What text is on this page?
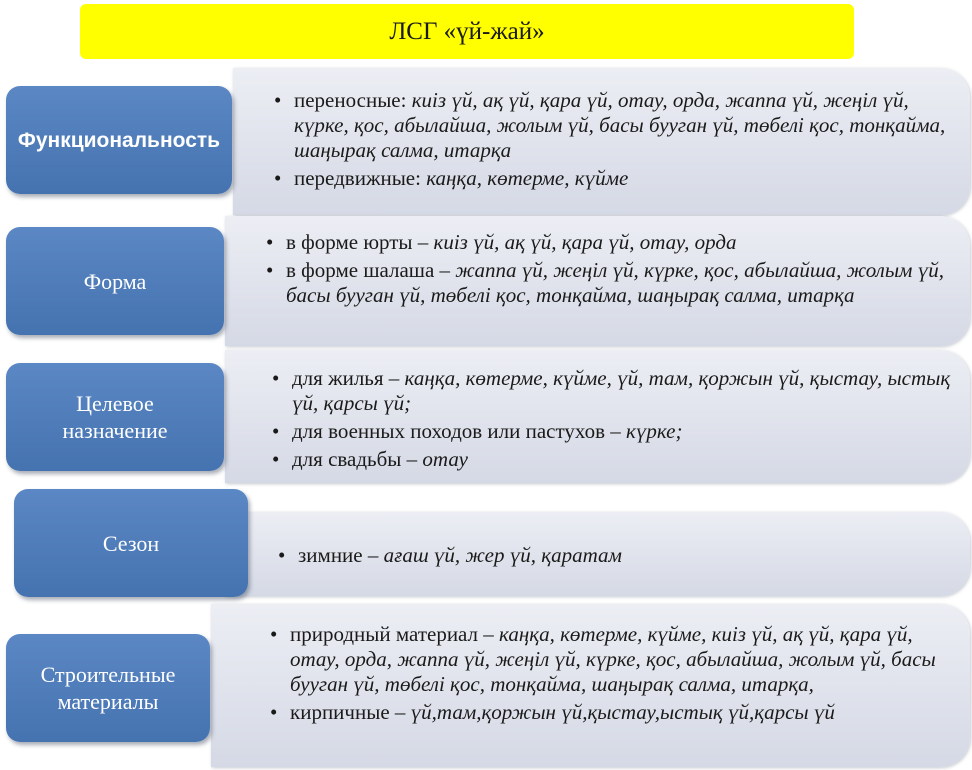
ЛСГ «үй-жай»
Функциональность
• переносные: киіз үй, ақ үй, қара үй, отау, орда, жаппа үй, жеңіл үй, күрке, қос, абылайша, жолым үй, басы бууган үй, төбелі қос, тонқайма, шаңырақ салма, итарқа
• передвижные: каңқа, көтерме, күйме
Форма
• в форме юрты – киіз үй, ақ үй, қара үй, отау, орда
• в форме шалаша – жаппа үй, жеңіл үй, күрке, қос, абылайша, жолым үй, басы бууган үй, төбелі қос, тонқайма, шаңырақ салма, итарқа
Целевое назначение
• для жилья – каңқа, көтерме, күйме, үй, там, қоржын үй, қыстау, ыстық үй, қарсы үй;
• для военных походов или пастухов – күрке;
• для свадьбы – отау
Сезон
•	зимние – ағаш үй, жер үй, қаратам
Строительные материалы
• природный материал – каңқа, көтерме, күйме, киіз үй, ақ үй, қара үй, отау, орда, жаппа үй, жеңіл үй, күрке, қос, абылайша, жолым үй, басы бууган үй, төбелі қос, тонқайма, шаңырақ салма, итарқа,
• кирпичные – үй,там,қоржын үй,қыстау,ыстық үй,қарсы үй
